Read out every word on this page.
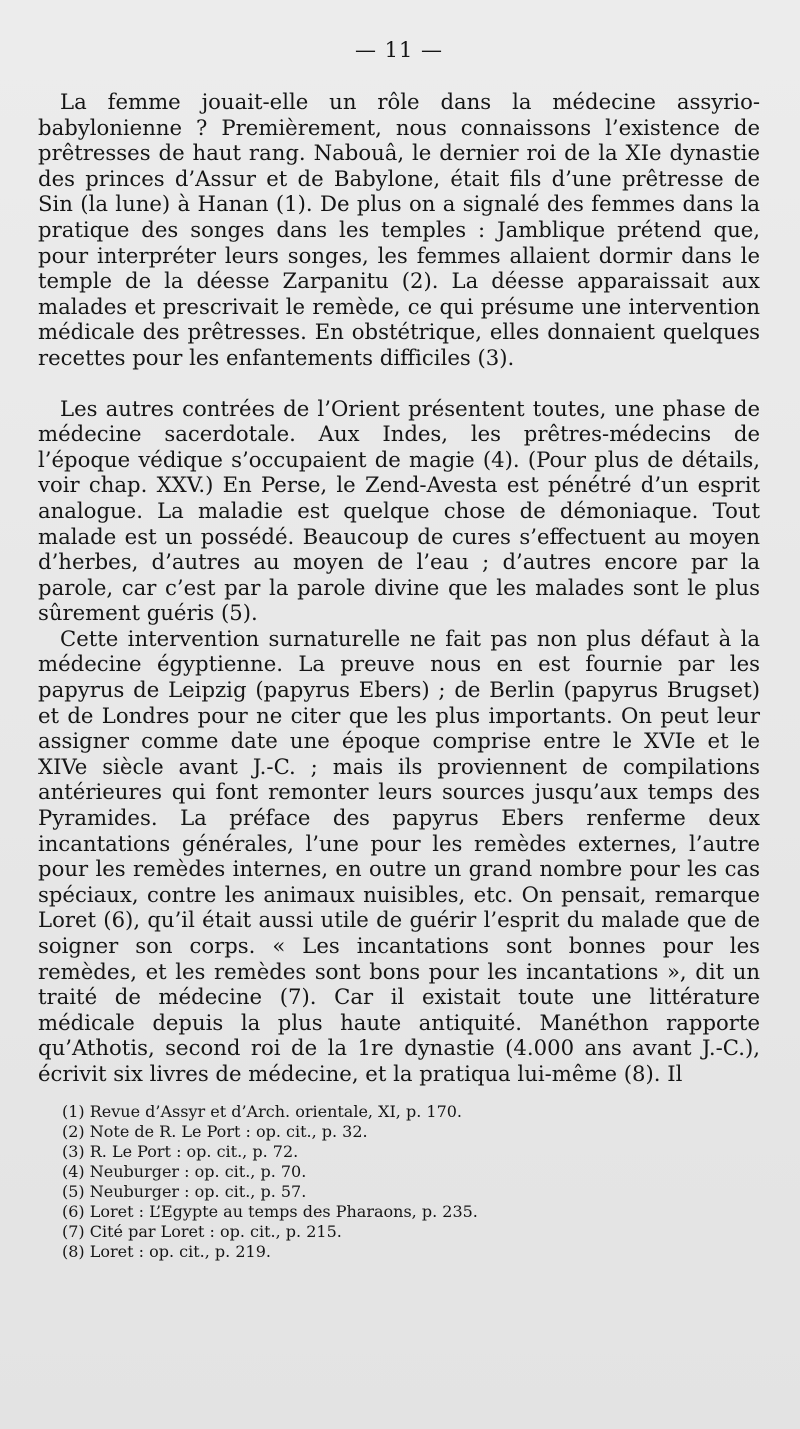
— 11 —

La femme jouait-elle un rôle dans la médecine assyrio-babylonienne ? Premièrement, nous connaissons l’existence de prêtresses de haut rang. Nabouâ, le dernier roi de la XIe dynastie des princes d’Assur et de Babylone, était fils d’une prêtresse de Sin (la lune) à Hanan (1). De plus on a signalé des femmes dans la pratique des songes dans les temples : Jamblique prétend que, pour interpréter leurs songes, les femmes allaient dormir dans le temple de la déesse Zarpanitu (2). La déesse apparaissait aux malades et prescrivait le remède, ce qui présume une intervention médicale des prêtresses. En obstétrique, elles donnaient quelques recettes pour les enfantements difficiles (3).

Les autres contrées de l’Orient présentent toutes, une phase de médecine sacerdotale. Aux Indes, les prêtres-médecins de l’époque védique s’occupaient de magie (4). (Pour plus de détails, voir chap. XXV.) En Perse, le Zend-Avesta est pénétré d’un esprit analogue. La maladie est quelque chose de démoniaque. Tout malade est un possédé. Beaucoup de cures s’effectuent au moyen d’herbes, d’autres au moyen de l’eau ; d’autres encore par la parole, car c’est par la parole divine que les malades sont le plus sûrement guéris (5).

Cette intervention surnaturelle ne fait pas non plus défaut à la médecine égyptienne. La preuve nous en est fournie par les papyrus de Leipzig (papyrus Ebers) ; de Berlin (papyrus Brugset) et de Londres pour ne citer que les plus importants. On peut leur assigner comme date une époque comprise entre le XVIe et le XIVe siècle avant J.-C. ; mais ils proviennent de compilations antérieures qui font remonter leurs sources jusqu’aux temps des Pyramides. La préface des papyrus Ebers renferme deux incantations générales, l’une pour les remèdes externes, l’autre pour les remèdes internes, en outre un grand nombre pour les cas spéciaux, contre les animaux nuisibles, etc. On pensait, remarque Loret (6), qu’il était aussi utile de guérir l’esprit du malade que de soigner son corps. « Les incantations sont bonnes pour les remèdes, et les remèdes sont bons pour les incantations », dit un traité de médecine (7). Car il existait toute une littérature médicale depuis la plus haute antiquité. Manéthon rapporte qu’Athotis, second roi de la 1re dynastie (4.000 ans avant J.-C.), écrivit six livres de médecine, et la pratiqua lui-même (8). Il

(1) Revue d’Assyr et d’Arch. orientale, XI, p. 170.
(2) Note de R. Le Port : op. cit., p. 32.
(3) R. Le Port : op. cit., p. 72.
(4) Neuburger : op. cit., p. 70.
(5) Neuburger : op. cit., p. 57.
(6) Loret : L’Egypte au temps des Pharaons, p. 235.
(7) Cité par Loret : op. cit., p. 215.
(8) Loret : op. cit., p. 219.
